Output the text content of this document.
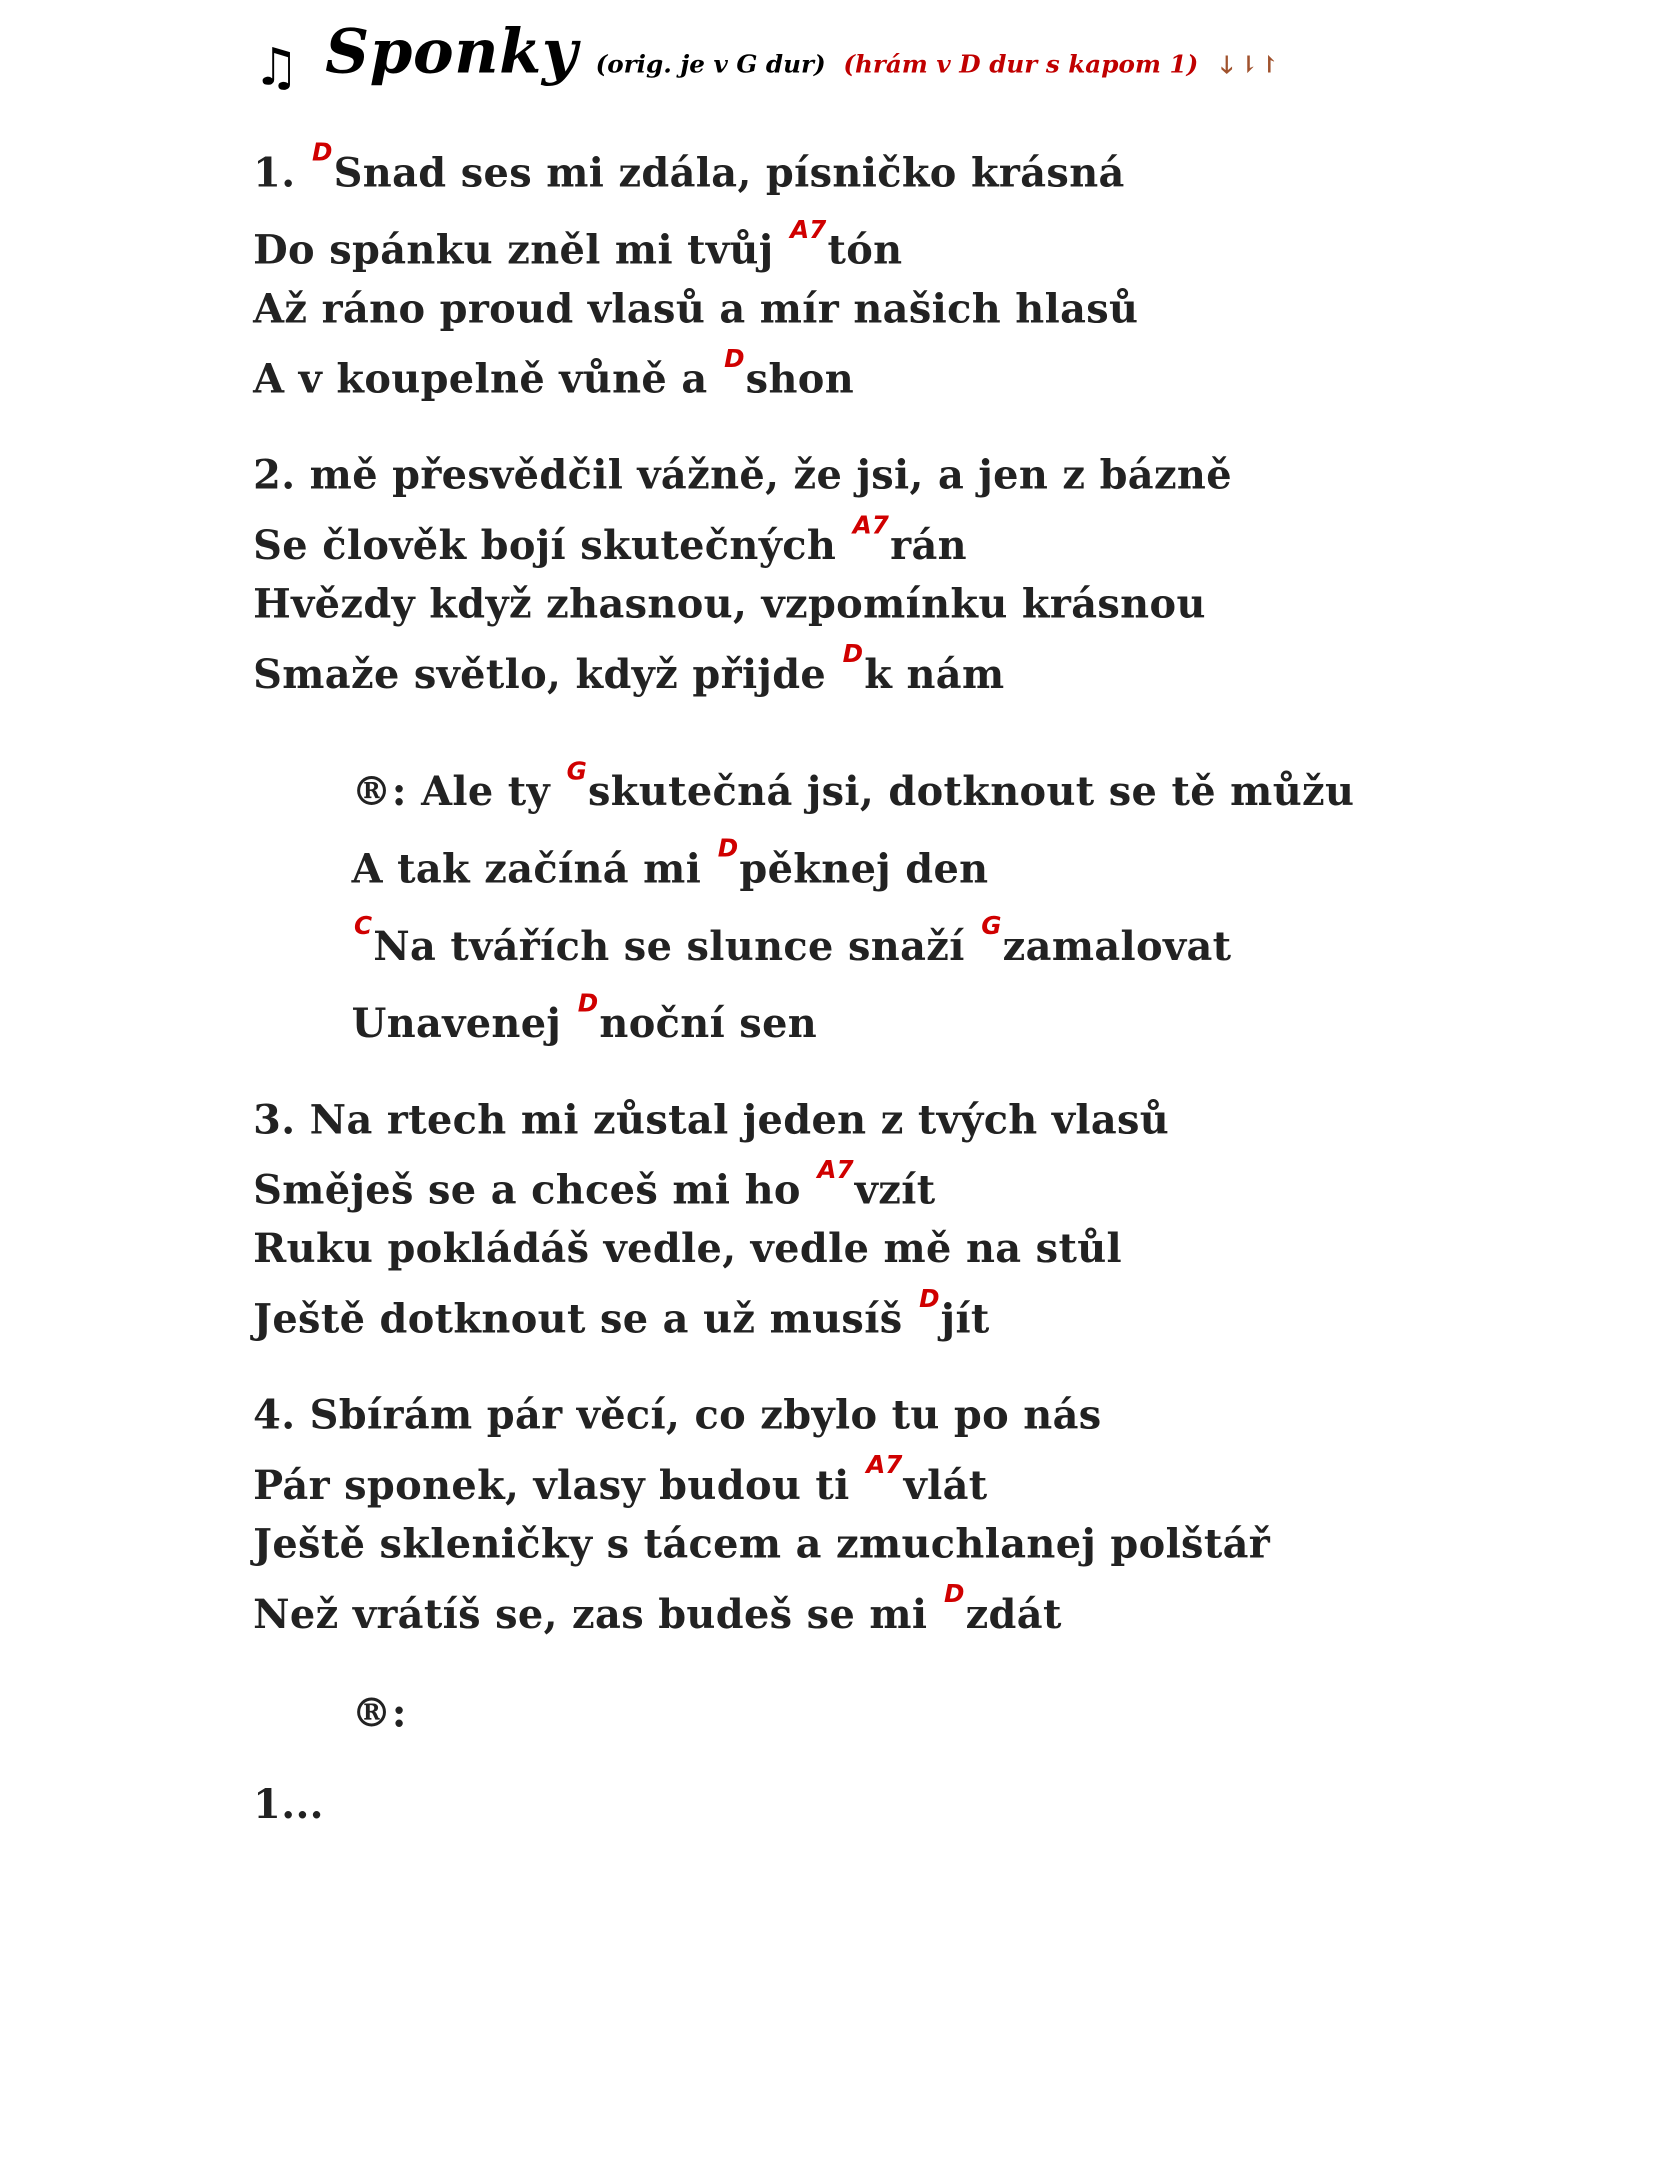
♫ Sponky (orig. je v G dur) (hrám v D dur s kapom 1) 🡓 ⇂↾
1. DSnad ses mi zdála, písničko krásná
Do spánku zněl mi tvůj A7tón
Až ráno proud vlasů a mír našich hlasů
A v koupelně vůně a Dshon
2. mě přesvědčil vážně, že jsi, a jen z bázně
Se člověk bojí skutečných A7rán
Hvězdy když zhasnou, vzpomínku krásnou
Smaže světlo, když přijde Dk nám
®: Ale ty Gskutečná jsi, dotknout se tě můžu
A tak začíná mi Dpěknej den
CNa tvářích se slunce snaží Gzamalovat
Unavenej Dnoční sen
3. Na rtech mi zůstal jeden z tvých vlasů
Směješ se a chceš mi ho A7vzít
Ruku pokládáš vedle, vedle mě na stůl
Ještě dotknout se a už musíš Djít
4. Sbírám pár věcí, co zbylo tu po nás
Pár sponek, vlasy budou ti A7vlát
Ještě skleničky s tácem a zmuchlanej polštář
Než vrátíš se, zas budeš se mi Dzdát
®:
1...
